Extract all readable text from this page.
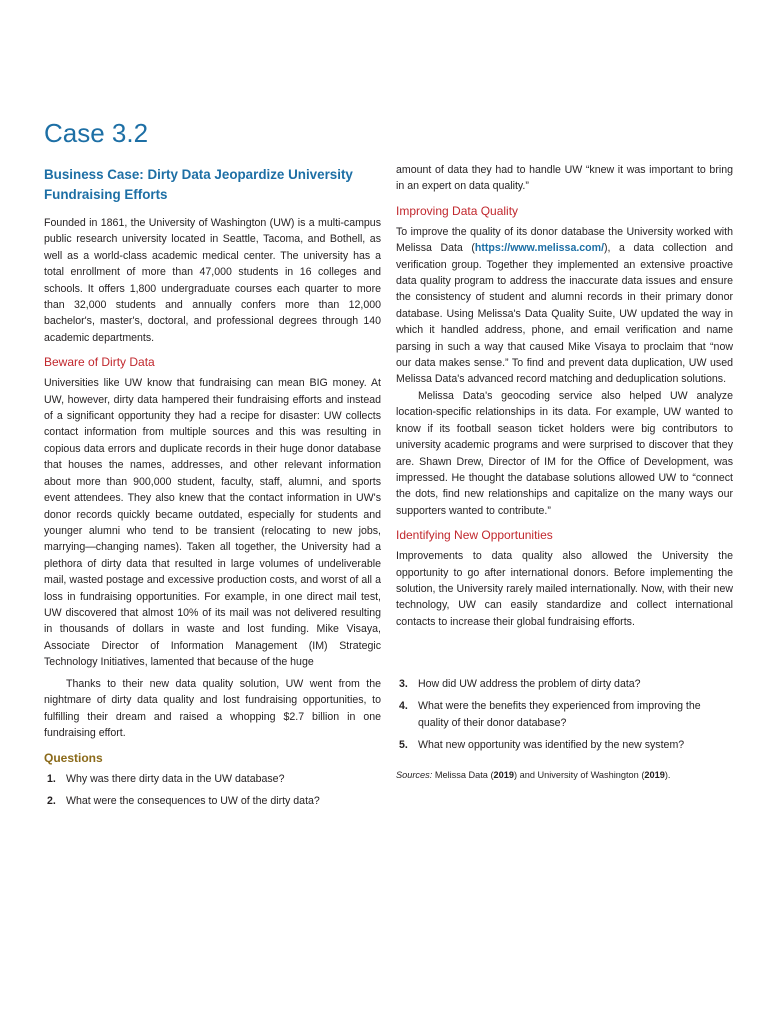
Case 3.2
Business Case: Dirty Data Jeopardize University Fundraising Efforts

Founded in 1861, the University of Washington (UW) is a multi-campus public research university located in Seattle, Tacoma, and Bothell, as well as a world-class academic medical center. The university has a total enrollment of more than 47,000 students in 16 colleges and schools. It offers 1,800 undergraduate courses each quarter to more than 32,000 students and annually confers more than 12,000 bachelor's, master's, doctoral, and professional degrees through 140 academic departments.

Beware of Dirty Data

Universities like UW know that fundraising can mean BIG money. At UW, however, dirty data hampered their fundraising efforts and instead of a significant opportunity they had a recipe for disaster: UW collects contact information from multiple sources and this was resulting in copious data errors and duplicate records in their huge donor database that houses the names, addresses, and other relevant information about more than 900,000 student, faculty, staff, alumni, and sports event attendees. They also knew that the contact information in UW's donor records quickly became outdated, especially for students and younger alumni who tend to be transient (relocating to new jobs, marrying—changing names). Taken all together, the University had a plethora of dirty data that resulted in large volumes of undeliverable mail, wasted postage and excessive production costs, and worst of all a loss in fundraising opportunities. For example, in one direct mail test, UW discovered that almost 10% of its mail was not delivered resulting in thousands of dollars in waste and lost funding. Mike Visaya, Associate Director of Information Management (IM) Strategic Technology Initiatives, lamented that because of the huge

amount of data they had to handle UW “knew it was important to bring in an expert on data quality.”

Improving Data Quality

To improve the quality of its donor database the University worked with Melissa Data (https://www.melissa.com/), a data collection and verification group. Together they implemented an extensive proactive data quality program to address the inaccurate data issues and ensure the consistency of student and alumni records in their primary donor database. Using Melissa's Data Quality Suite, UW updated the way in which it handled address, phone, and email verification and name parsing in such a way that caused Mike Visaya to proclaim that “now our data makes sense.” To find and prevent data duplication, UW used Melissa Data's advanced record matching and deduplication solutions.

Melissa Data's geocoding service also helped UW analyze location-specific relationships in its data. For example, UW wanted to know if its football season ticket holders were big contributors to university academic programs and were surprised to discover that they are. Shawn Drew, Director of IM for the Office of Development, was impressed. He thought the database solutions allowed UW to “connect the dots, find new relationships and capitalize on the many ways our supporters wanted to contribute.”

Identifying New Opportunities

Improvements to data quality also allowed the University the opportunity to go after international donors. Before implementing the solution, the University rarely mailed internationally. Now, with their new technology, UW can easily standardize and collect international contacts to increase their global fundraising efforts.

Thanks to their new data quality solution, UW went from the nightmare of dirty data quality and lost fundraising opportunities, to fulfilling their dream and raised a whopping $2.7 billion in one fundraising effort.

Questions
1. Why was there dirty data in the UW database?
2. What were the consequences to UW of the dirty data?
3. How did UW address the problem of dirty data?
4. What were the benefits they experienced from improving the quality of their donor database?
5. What new opportunity was identified by the new system?
Sources: Melissa Data (2019) and University of Washington (2019).
